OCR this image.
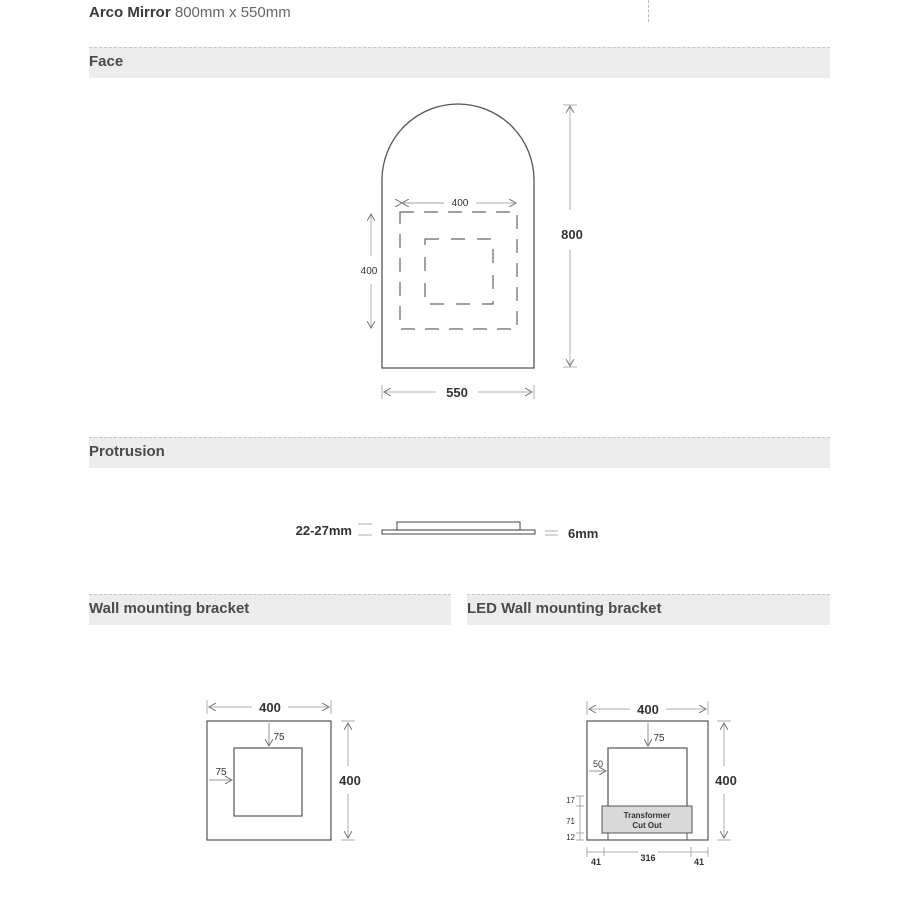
Arco Mirror 800mm x 550mm
Face
Protrusion
Wall mounting bracket	LED Wall mounting bracket
400
400
800
550
22-27mm	6mm
400
400
75
75
Transformer
Cut Out
400
400
75
50
17
71
12
41	316	41
